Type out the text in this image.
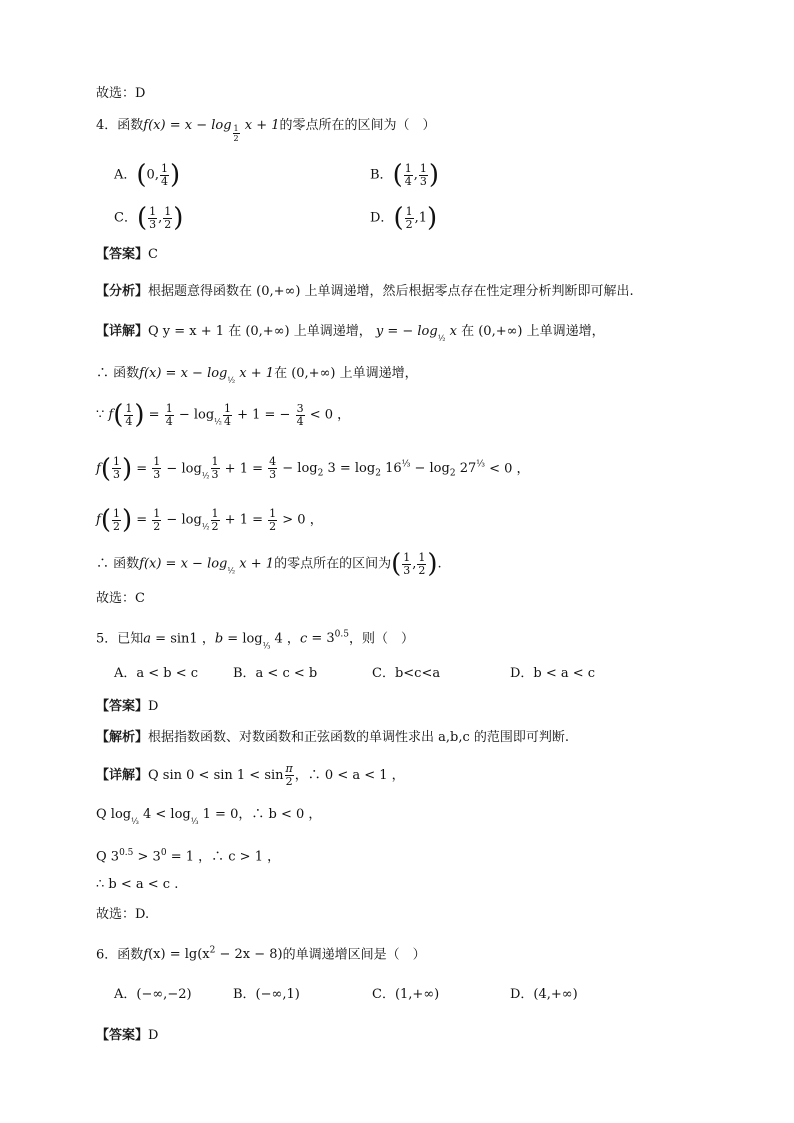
故选：D
4．函数f(x) = x − log $_{\frac{1}{2}}$ x + 1的零点所在的区间为（　）
A．(0, $\frac{1}{4}$ )	B．( $\frac{1}{4}$ , $\frac{1}{3}$ )
C．( $\frac{1}{3}$ , $\frac{1}{2}$ )	D．( $\frac{1}{2} ,1$)
【答案】C
【分析】根据题意得函数在 (0,+∞) 上单调递增，然后根据零点存在性定理分析判断即可解出.
【详解】Q y = x + 1 在 (0,+∞) 上单调递增， y = − $\log_{\frac{1}{2}} x$ 在 (0,+∞) 上单调递增，
∴ 函数$f(x) = x - \log_{\frac{1}{2}} x + 1$在 (0,+∞) 上单调递增，
∵ $f( \frac{1}{4}$ ) = $\frac{1}{4} - \log_{\frac{1}{2}} \frac{1}{4} + 1$ = − $\frac{3}{4} < 0$ ，
$f( \frac{1}{3}$ ) = $\frac{1}{3} - \log_{\frac{1}{2}} \frac{1}{3} + 1 = \frac{4}{3} - \log_2 3 = \log_2 16^{\frac{1}{3}} - \log_2 27^{\frac{1}{3}} < 0$ ，
$f( \frac{1}{2}$ ) = $\frac{1}{2} - \log_{\frac{1}{2}} \frac{1}{2} + 1 = \frac{1}{2} > 0$ ，
∴ 函数$f(x) = x - \log_{\frac{1}{2}} x + 1$的零点所在的区间为( $\frac{1}{3}$ , $\frac{1}{2}$ ).
故选：C
5．已知a = sin1 ，$b = \log_{\frac{1}{3}} 4$ ，$c = 3^{0.5}$，则（　）
A．a < b < c	B．a < c < b	C．b<c<a	D．b < a < c
【答案】D
【解析】根据指数函数、对数函数和正弦函数的单调性求出 a,b,c 的范围即可判断.
【详解】Q $\sin 0 < \sin 1 < \sin \frac{\pi}{2}$ ，∴ 0 < a < 1 ，
Q $\log_{\frac{1}{3}} 4 < \log_{\frac{1}{3}} 1 = 0$，∴ b < 0 ，
Q $3^{0.5} > 3^0 = 1$ ，∴ c > 1 ，
∴ b < a < c .
故选：D.
6．函数$f(x) = \lg(x^2 - 2x - 8)$的单调递增区间是（　）
A．(−∞,−2)	B．(−∞,1)	C．(1,+∞)	D．(4,+∞)
【答案】D
